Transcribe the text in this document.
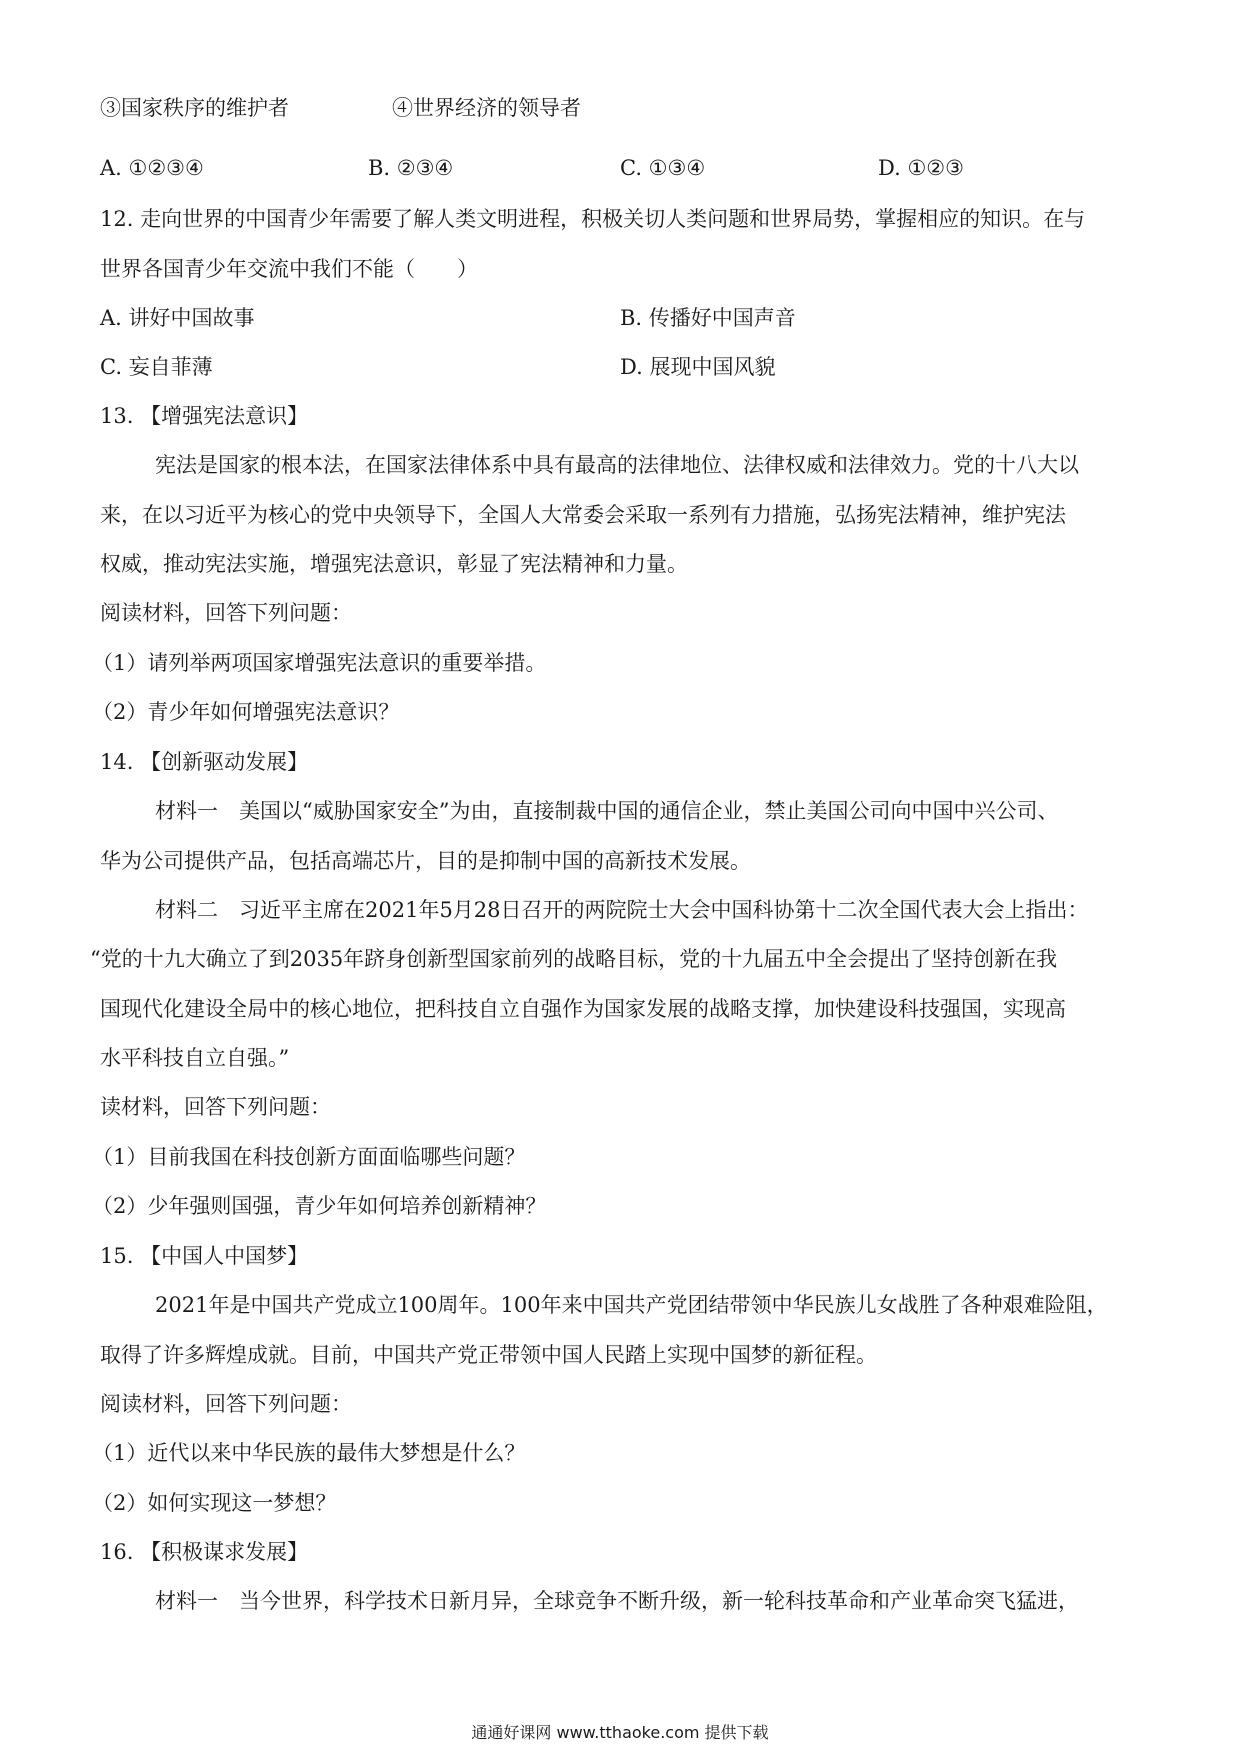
③国家秩序的维护者	④世界经济的领导者
A. ①②③④	B. ②③④	C. ①③④	D. ①②③
12. 走向世界的中国青少年需要了解人类文明进程，积极关切人类问题和世界局势，掌握相应的知识。在与
世界各国青少年交流中我们不能（　　）
A. 讲好中国故事	B. 传播好中国声音
C. 妄自菲薄	D. 展现中国风貌
13. 【增强宪法意识】
宪法是国家的根本法，在国家法律体系中具有最高的法律地位、法律权威和法律效力。党的十八大以
来，在以习近平为核心的党中央领导下，全国人大常委会采取一系列有力措施，弘扬宪法精神，维护宪法
权威，推动宪法实施，增强宪法意识，彰显了宪法精神和力量。
阅读材料，回答下列问题：
（1）请列举两项国家增强宪法意识的重要举措。
（2）青少年如何增强宪法意识？
14. 【创新驱动发展】
材料一　美国以“威胁国家安全”为由，直接制裁中国的通信企业，禁止美国公司向中国中兴公司、
华为公司提供产品，包括高端芯片，目的是抑制中国的高新技术发展。
材料二　习近平主席在2021年5月28日召开的两院院士大会中国科协第十二次全国代表大会上指出：
“党的十九大确立了到2035年跻身创新型国家前列的战略目标，党的十九届五中全会提出了坚持创新在我
国现代化建设全局中的核心地位，把科技自立自强作为国家发展的战略支撑，加快建设科技强国，实现高
水平科技自立自强。”
读材料，回答下列问题：
（1）目前我国在科技创新方面面临哪些问题？
（2）少年强则国强，青少年如何培养创新精神？
15. 【中国人中国梦】
2021年是中国共产党成立100周年。100年来中国共产党团结带领中华民族儿女战胜了各种艰难险阻，
取得了许多辉煌成就。目前，中国共产党正带领中国人民踏上实现中国梦的新征程。
阅读材料，回答下列问题：
（1）近代以来中华民族的最伟大梦想是什么？
（2）如何实现这一梦想？
16. 【积极谋求发展】
材料一　当今世界，科学技术日新月异，全球竞争不断升级，新一轮科技革命和产业革命突飞猛进，
通通好课网 www.tthaoke.com 提供下载
